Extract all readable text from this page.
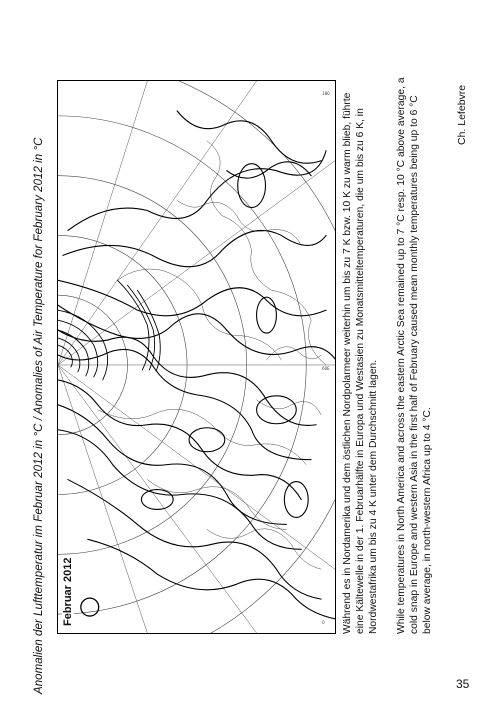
Anomalien der Lufttemperatur im Februar 2012 in °C / Anomalies of Air Temperature for February 2012 in °C
180
60E
0
Februar 2012	Während es in Nordamerika und dem östlichen Nordpolarmeer weiterhin um bis zu 7 K bzw. 10 K zu warm blieb, führte eine Kältewelle in der 1. Februarhälfte in Europa und Westasien zu Monatsmitteltemperaturen, die um bis zu 6 K, in Nordwestafrika um bis zu 4 K unter dem Durchschnitt lagen. While temperatures in North America and across the eastern Arctic Sea remained up to 7 °C resp. 10 °C above average, a cold snap in Europe and western Asia in the first half of February caused mean monthly temperatures being up to 6 °C below average, in north-western Africa up to 4 °C.
Ch. Lefebvre
35
